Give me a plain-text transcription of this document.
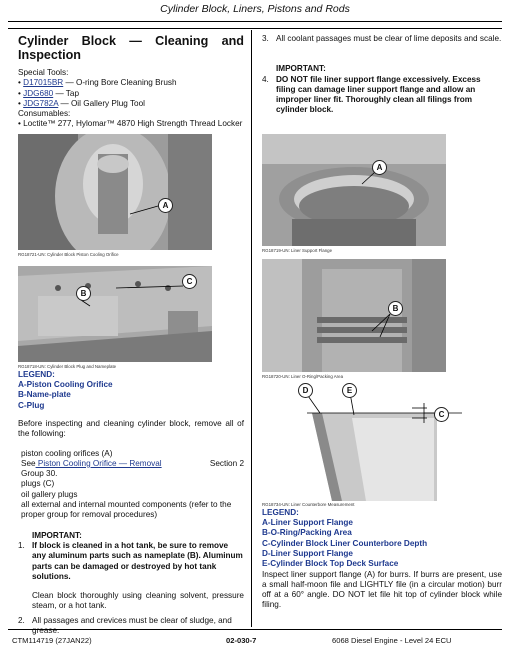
Cylinder Block, Liners, Pistons and Rods
Cylinder Block — Cleaning and
Inspection
Special Tools:
• D17015BR — O-ring Bore Cleaning Brush
• JDG680 — Tap
• JDG782A — Oil Gallery Plug Tool
Consumables:
• Loctite™ 277, Hylomar™ 4870 High Strength Thread Locker
A
RG18721-UN: Cylinder Block Piston Cooling Orifice
B
C
RG18718-UN: Cylinder Block Plug and Nameplate
LEGEND:
A-Piston Cooling Orifice
B-Name-plate
C-Plug

Before inspecting and cleaning cylinder block, remove all of the following:

piston cooling orifices (A)
See Piston Cooling Orifice — Removal	Section 2
Group 30.
plugs (C)
oil gallery plugs
all external and internal mounted components (refer to the proper group for removal procedures)
IMPORTANT:
1. If block is cleaned in a hot tank, be sure to remove any aluminum parts such as nameplate (B). Aluminum parts can be damaged or destroyed by hot tank solutions.

Clean block thoroughly using cleaning solvent, pressure steam, or a hot tank.

2. All passages and crevices must be clear of sludge, and grease.
3. All coolant passages must be clear of lime deposits and scale.
IMPORTANT:
4. DO NOT file liner support flange excessively. Excess filing can damage liner support flange and allow an improper liner fit. Thoroughly clean all filings from cylinder block.
A
RG18719-UN: Liner Support Flange
B
RG18720-UN: Liner O-Ring/Packing Area
D	E
C
RG18734-UN: Liner Counterbore Measurement
LEGEND:
A-Liner Support Flange
B-O-Ring/Packing Area
C-Cylinder Block Liner Counterbore Depth
D-Liner Support Flange
E-Cylinder Block Top Deck Surface

Inspect liner support flange (A) for burrs. If burrs are present, use a small half-moon file and LIGHTLY file (in a circular motion) burr off at a 60° angle. DO NOT let file hit top of cylinder block while filing.

CTM114719 (27JAN22)	02-030-7	6068 Diesel Engine - Level 24 ECU
